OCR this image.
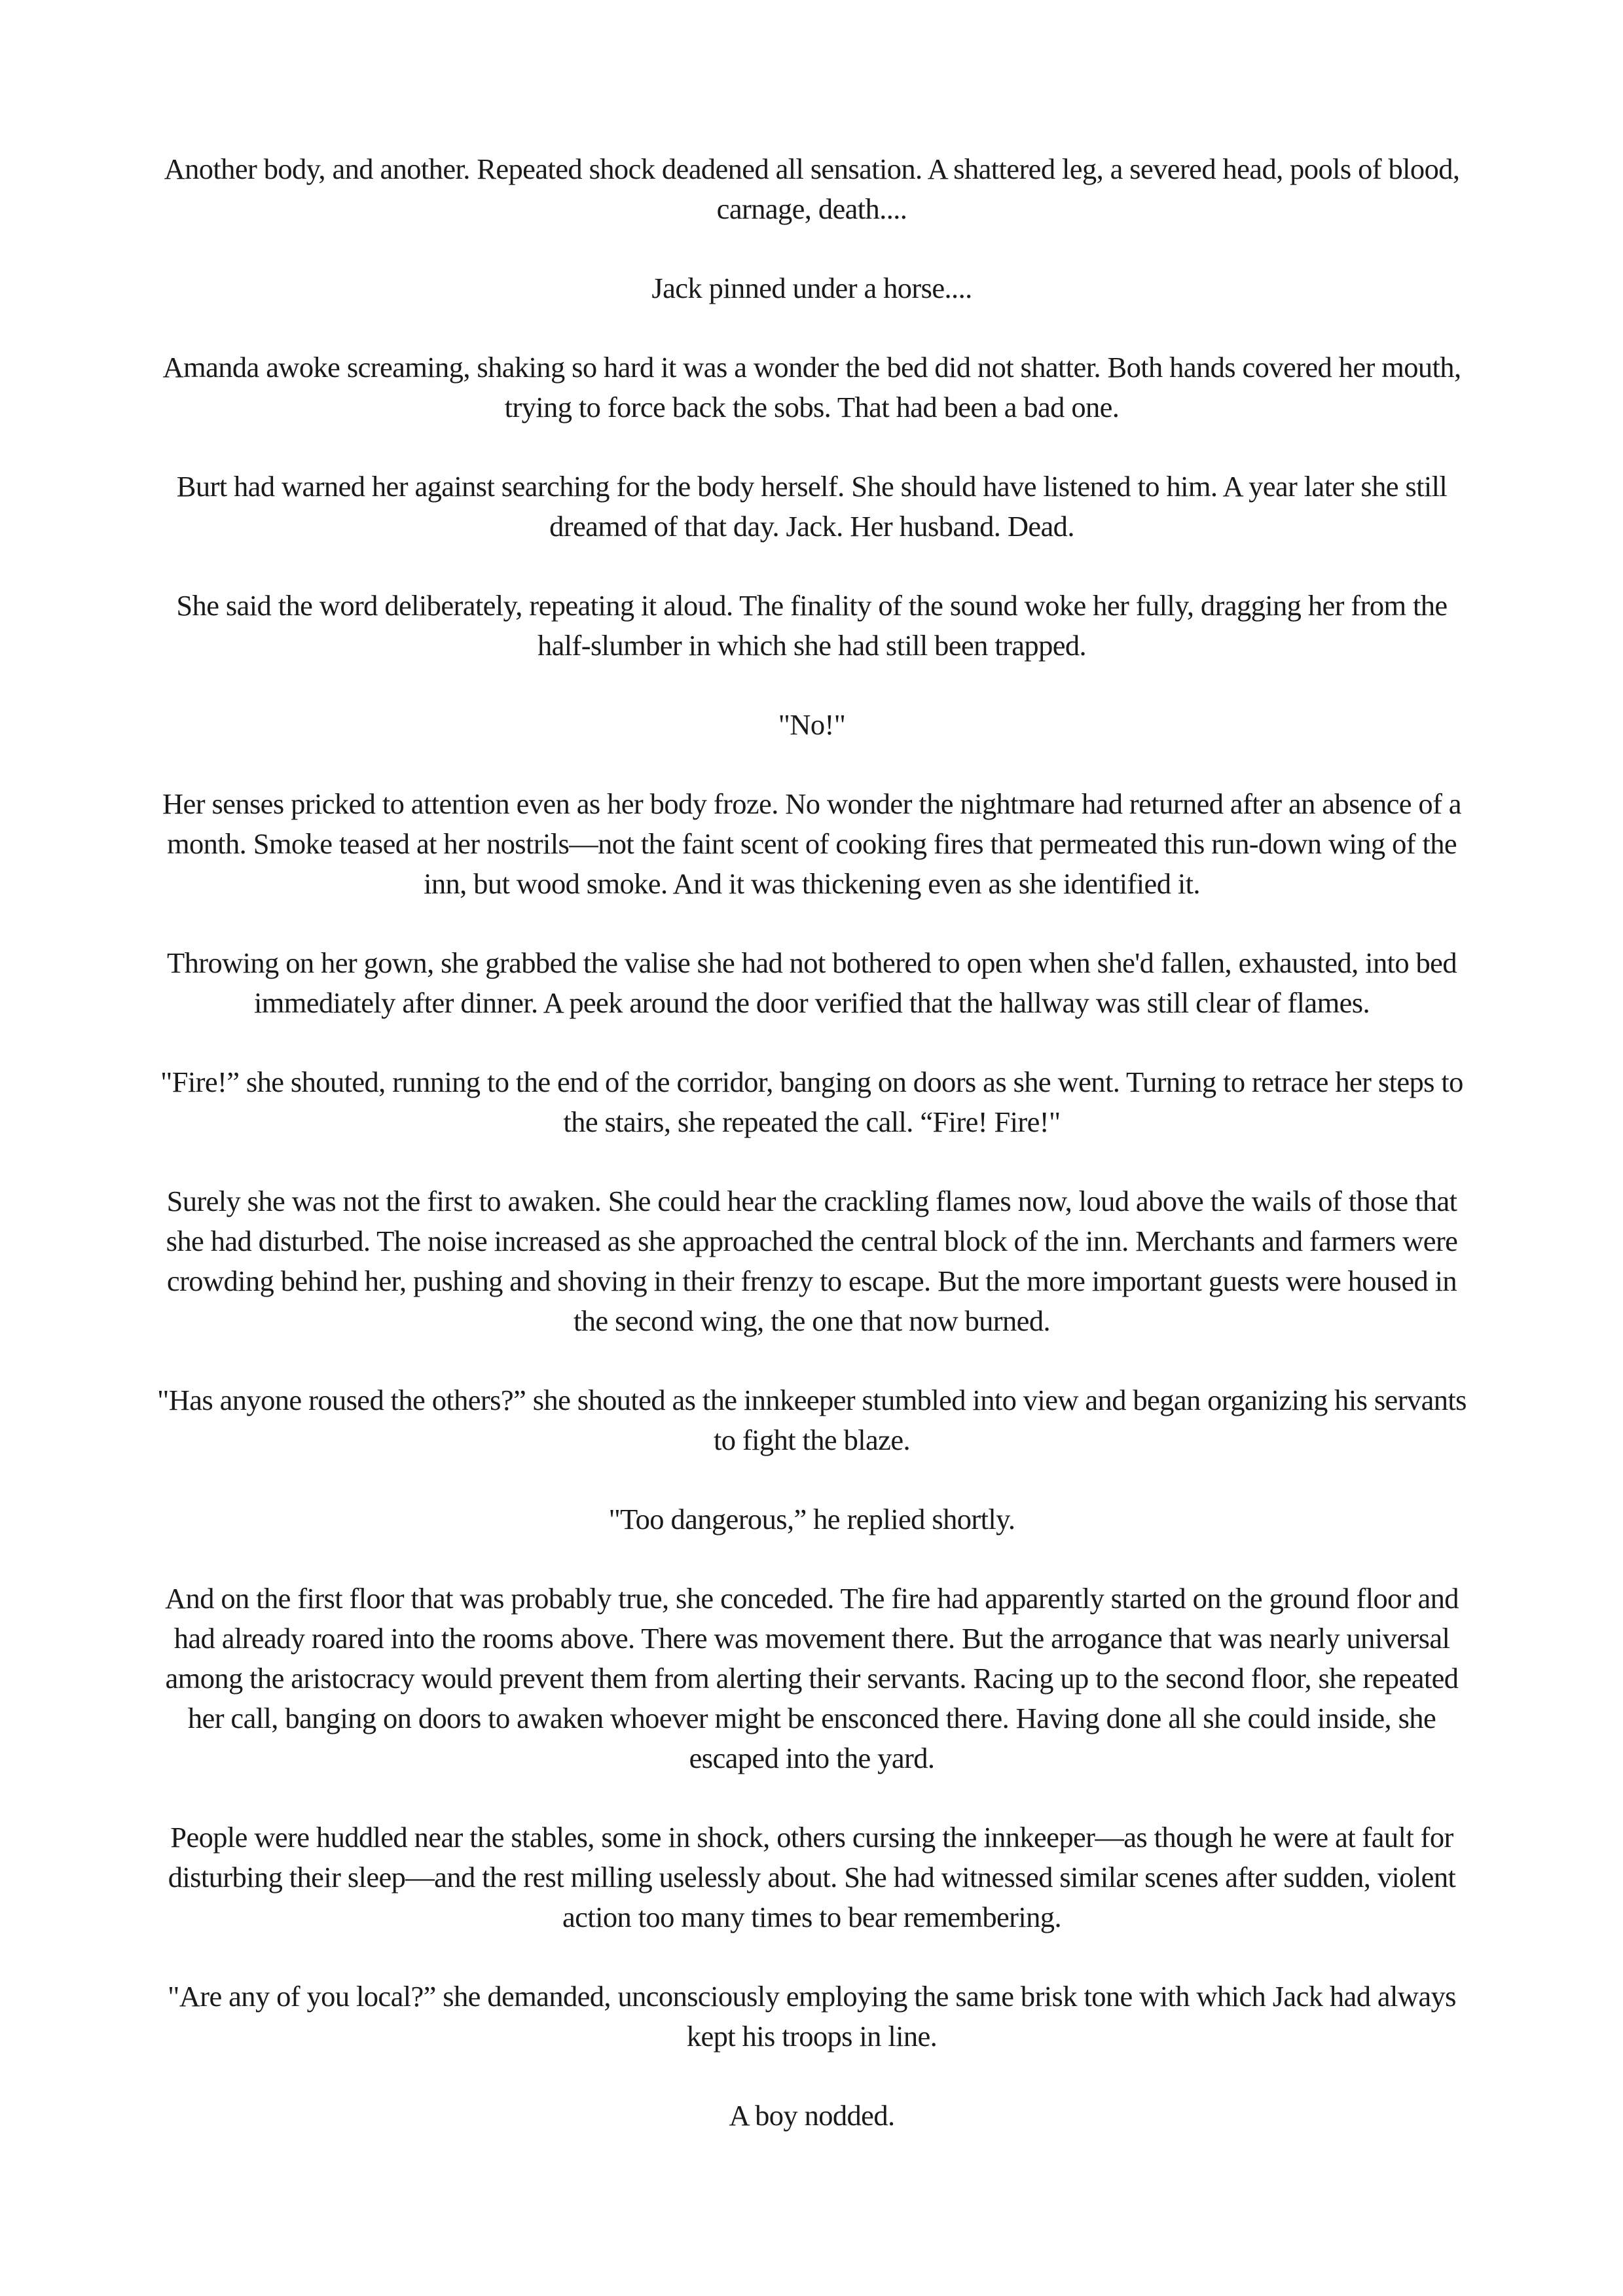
Another body, and another. Repeated shock deadened all sensation. A shattered leg, a severed head, pools of blood, carnage, death....

Jack pinned under a horse....

Amanda awoke screaming, shaking so hard it was a wonder the bed did not shatter. Both hands covered her mouth, trying to force back the sobs. That had been a bad one.

Burt had warned her against searching for the body herself. She should have listened to him. A year later she still dreamed of that day. Jack. Her husband. Dead.

She said the word deliberately, repeating it aloud. The finality of the sound woke her fully, dragging her from the half-slumber in which she had still been trapped.

"No!"

Her senses pricked to attention even as her body froze. No wonder the nightmare had returned after an absence of a month. Smoke teased at her nostrils—not the faint scent of cooking fires that permeated this run-down wing of the inn, but wood smoke. And it was thickening even as she identified it.

Throwing on her gown, she grabbed the valise she had not bothered to open when she'd fallen, exhausted, into bed immediately after dinner. A peek around the door verified that the hallway was still clear of flames.

"Fire!” she shouted, running to the end of the corridor, banging on doors as she went. Turning to retrace her steps to the stairs, she repeated the call. “Fire! Fire!"

Surely she was not the first to awaken. She could hear the crackling flames now, loud above the wails of those that she had disturbed. The noise increased as she approached the central block of the inn. Merchants and farmers were crowding behind her, pushing and shoving in their frenzy to escape. But the more important guests were housed in the second wing, the one that now burned.

"Has anyone roused the others?” she shouted as the innkeeper stumbled into view and began organizing his servants to fight the blaze.

"Too dangerous,” he replied shortly.

And on the first floor that was probably true, she conceded. The fire had apparently started on the ground floor and had already roared into the rooms above. There was movement there. But the arrogance that was nearly universal among the aristocracy would prevent them from alerting their servants. Racing up to the second floor, she repeated her call, banging on doors to awaken whoever might be ensconced there. Having done all she could inside, she escaped into the yard.

People were huddled near the stables, some in shock, others cursing the innkeeper—as though he were at fault for disturbing their sleep—and the rest milling uselessly about. She had witnessed similar scenes after sudden, violent action too many times to bear remembering.

"Are any of you local?” she demanded, unconsciously employing the same brisk tone with which Jack had always kept his troops in line.

A boy nodded.
